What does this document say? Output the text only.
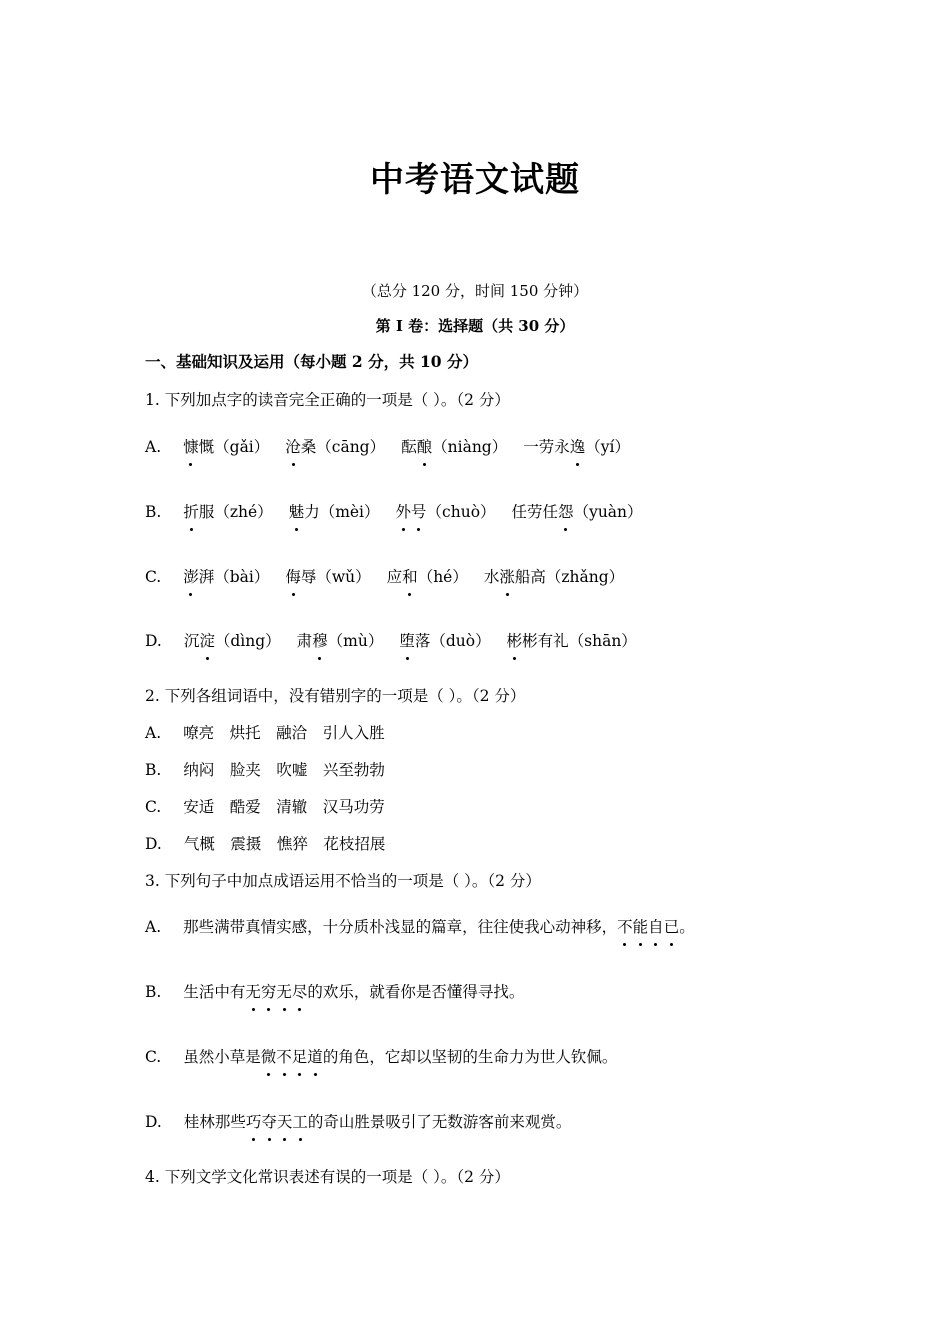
中考语文试题
（总分 120 分，时间 150 分钟）
第 I 卷：选择题（共 30 分）
一、基础知识及运用（每小题 2 分，共 10 分）
1. 下列加点字的读音完全正确的一项是（ ）。（2 分）
A. 慷慨（gǎi） 沧桑（cāng） 酝酿（niàng） 一劳永逸（yí）
B. 折服（zhé） 魅力（mèi） 外号（chuò） 任劳任怨（yuàn）
C. 澎湃（bài） 侮辱（wǔ） 应和（hé） 水涨船高（zhǎng）
D. 沉淀（dìng） 肃穆（mù） 堕落（duò） 彬彬有礼（shān）
2. 下列各组词语中，没有错别字的一项是（ ）。（2 分）
A. 嘹亮　烘托　融洽　引人入胜
B. 纳闷　脸夹　吹嘘　兴至勃勃
C. 安适　酷爱　清辙　汉马功劳
D. 气概　震摄　憔猝　花枝招展
3. 下列句子中加点成语运用不恰当的一项是（ ）。（2 分）
A. 那些满带真情实感，十分质朴浅显的篇章，往往使我心动神移，不能自已。
B. 生活中有无穷无尽的欢乐，就看你是否懂得寻找。
C. 虽然小草是微不足道的角色，它却以坚韧的生命力为世人钦佩。
D. 桂林那些巧夺天工的奇山胜景吸引了无数游客前来观赏。
4. 下列文学文化常识表述有误的一项是（ ）。（2 分）
